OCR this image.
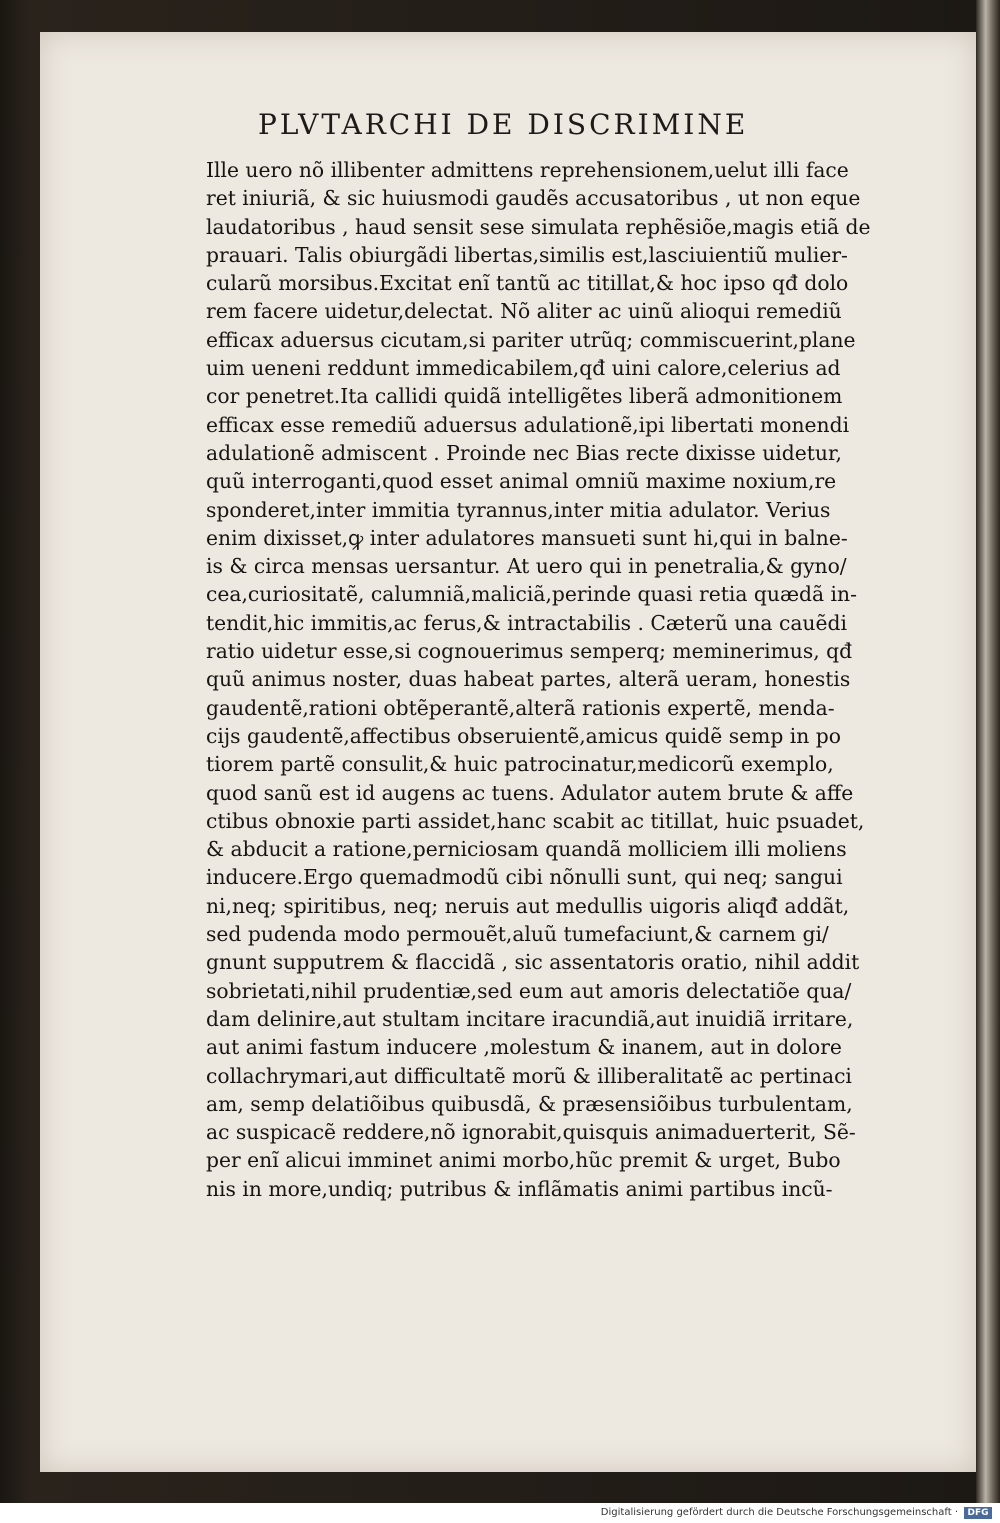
PLVTARCHI DE DISCRIMINE
Ille uero nõ illibenter admittens reprehensionem,uelut illi face
ret iniuriã, & sic huiusmodi gaudẽs accusatoribus , ut non eque
laudatoribus , haud sensit sese simulata rephẽsiõe,magis etiã de
prauari. Talis obiurgãdi libertas,similis est,lasciuientiũ mulier-
cularũ morsibus.Excitat enĩ tantũ ac titillat,& hoc ipso qđ dolo
rem facere uidetur,delectat. Nõ aliter ac uinũ alioqui remediũ
efficax aduersus cicutam,si pariter utrũq; commiscuerint,plane
uim ueneni reddunt immedicabilem,qđ uini calore,celerius ad
cor penetret.Ita callidi quidã intelligẽtes liberã admonitionem
efficax esse remediũ aduersus adulationẽ,ipi libertati monendi
adulationẽ admiscent . Proinde nec Bias recte dixisse uidetur,
quũ interroganti,quod esset animal omniũ maxime noxium,re
sponderet,inter immitia tyrannus,inter mitia adulator. Verius
enim dixisset,ꝙ inter adulatores mansueti sunt hi,qui in balne-
is & circa mensas uersantur. At uero qui in penetralia,& gyno/
cea,curiositatẽ, calumniã,maliciã,perinde quasi retia quædã in-
tendit,hic immitis,ac ferus,& intractabilis . Cæterũ una cauẽdi
ratio uidetur esse,si cognouerimus semperq; meminerimus, qđ
quũ animus noster, duas habeat partes, alterã ueram, honestis
gaudentẽ,rationi obtẽperantẽ,alterã rationis expertẽ, menda-
cijs gaudentẽ,affectibus obseruientẽ,amicus quidẽ semp in po
tiorem partẽ consulit,& huic patrocinatur,medicorũ exemplo,
quod sanũ est id augens ac tuens. Adulator autem brute & affe
ctibus obnoxie parti assidet,hanc scabit ac titillat, huic psuadet,
& abducit a ratione,perniciosam quandã molliciem illi moliens
inducere.Ergo quemadmodũ cibi nõnulli sunt, qui neq; sangui
ni,neq; spiritibus, neq; neruis aut medullis uigoris aliqđ addãt,
sed pudenda modo permouẽt,aluũ tumefaciunt,& carnem gi/
gnunt supputrem & flaccidã , sic assentatoris oratio, nihil addit
sobrietati,nihil prudentiæ,sed eum aut amoris delectatiõe qua/
dam delinire,aut stultam incitare iracundiã,aut inuidiã irritare,
aut animi fastum inducere ,molestum & inanem, aut in dolore
collachrymari,aut difficultatẽ morũ & illiberalitatẽ ac pertinaci
am, semp delatiõibus quibusdã, & præsensiõibus turbulentam,
ac suspicacẽ reddere,nõ ignorabit,quisquis animaduerterit, Sẽ-
per enĩ alicui imminet animi morbo,hũc premit & urget, Bubo
nis in more,undiq; putribus & inflãmatis animi partibus incũ-
Digitalisierung gefördert durch die Deutsche Forschungsgemeinschaft ·	DFG
